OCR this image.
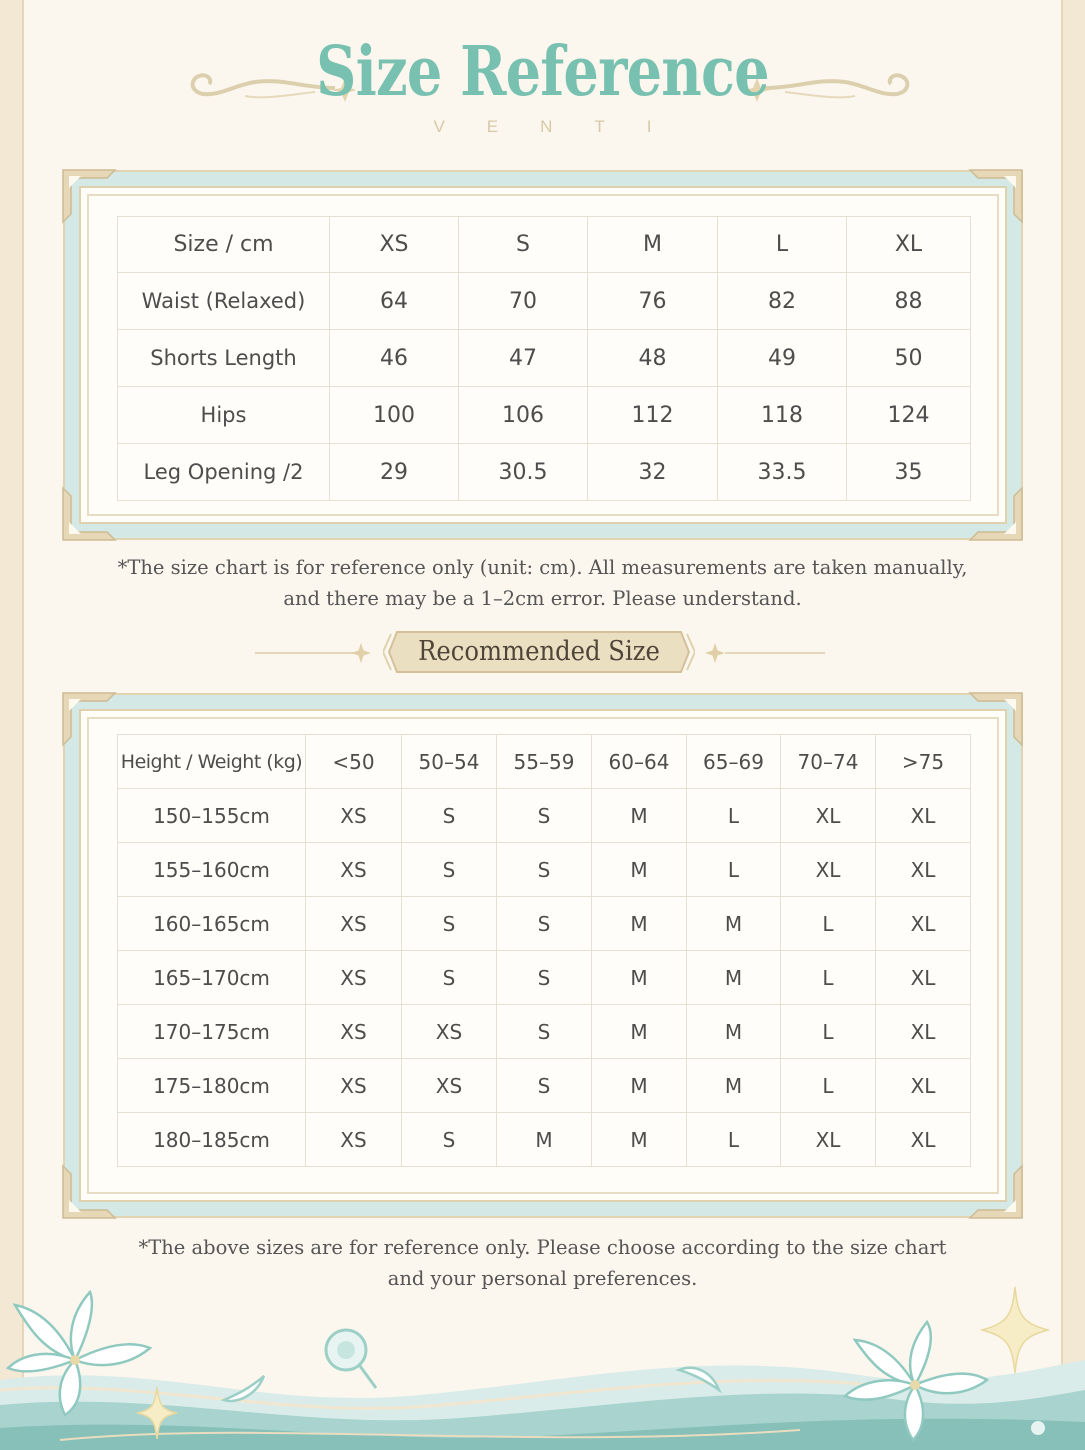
Size Reference
VENTI
Size / cm	XS	S	M	L	XL
Waist (Relaxed)	64	70	76	82	88
Shorts Length	46	47	48	49	50
Hips	100	106	112	118	124
Leg Opening /2	29	30.5	32	33.5	35
*The size chart is for reference only (unit: cm). All measurements are taken manually,
and there may be a 1–2cm error. Please understand.
Recommended Size
Height / Weight (kg)	<50	50–54	55–59	60–64	65–69	70–74	>75
150–155cm	XS	S	S	M	L	XL	XL
155–160cm	XS	S	S	M	L	XL	XL
160–165cm	XS	S	S	M	M	L	XL
165–170cm	XS	S	S	M	M	L	XL
170–175cm	XS	XS	S	M	M	L	XL
175–180cm	XS	XS	S	M	M	L	XL
180–185cm	XS	S	M	M	L	XL	XL
*The above sizes are for reference only. Please choose according to the size chart
and your personal preferences.
